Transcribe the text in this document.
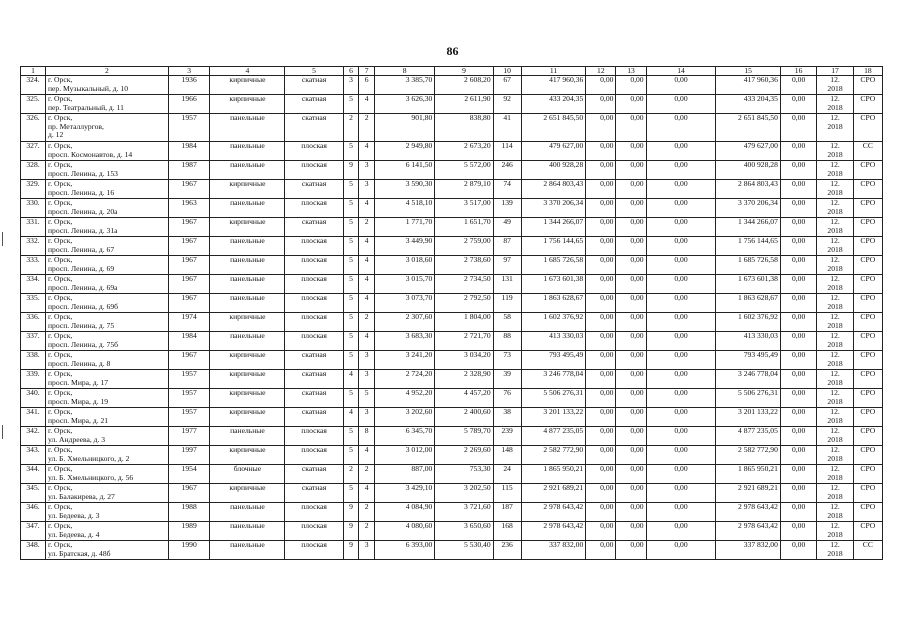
86
1	2	3	4	5	6	7	8	9	10	11	12	13	14	15	16	17	18
324.	г. Орск,
пер. Музыкальный, д. 10	1936	кирпичные	скатная	3	6	3 385,70	2 608,20	67	417 960,36	0,00	0,00	0,00	417 960,36	0,00	12.
2018	СРО
325.	г. Орск,
пер. Театральный, д. 11	1966	кирпичные	скатная	5	4	3 626,30	2 611,90	92	433 204,35	0,00	0,00	0,00	433 204,35	0,00	12.
2018	СРО
326.	г. Орск,
пр. Металлургов,
д. 12	1957	панельные	скатная	2	2	901,80	838,80	41	2 651 845,50	0,00	0,00	0,00	2 651 845,50	0,00	12.
2018	СРО
327.	г. Орск,
просп. Космонавтов, д. 14	1984	панельные	плоская	5	4	2 949,80	2 673,20	114	479 627,00	0,00	0,00	0,00	479 627,00	0,00	12.
2018	СС
328.	г. Орск,
просп. Ленина, д. 153	1987	панельные	плоская	9	3	6 141,50	5 572,00	246	400 928,28	0,00	0,00	0,00	400 928,28	0,00	12.
2018	СРО
329.	г. Орск,
просп. Ленина, д. 16	1967	кирпичные	скатная	5	3	3 590,30	2 879,10	74	2 864 803,43	0,00	0,00	0,00	2 864 803,43	0,00	12.
2018	СРО
330.	г. Орск,
просп. Ленина, д. 20а	1963	панельные	плоская	5	4	4 518,10	3 517,00	139	3 370 206,34	0,00	0,00	0,00	3 370 206,34	0,00	12.
2018	СРО
331.	г. Орск,
просп. Ленина, д. 31а	1967	кирпичные	скатная	5	2	1 771,70	1 651,70	49	1 344 266,07	0,00	0,00	0,00	1 344 266,07	0,00	12.
2018	СРО
332.	г. Орск,
просп. Ленина, д. 67	1967	панельные	плоская	5	4	3 449,90	2 759,00	87	1 756 144,65	0,00	0,00	0,00	1 756 144,65	0,00	12.
2018	СРО
333.	г. Орск,
просп. Ленина, д. 69	1967	панельные	плоская	5	4	3 018,60	2 738,60	97	1 685 726,58	0,00	0,00	0,00	1 685 726,58	0,00	12.
2018	СРО
334.	г. Орск,
просп. Ленина, д. 69а	1967	панельные	плоская	5	4	3 015,70	2 734,50	131	1 673 601,38	0,00	0,00	0,00	1 673 601,38	0,00	12.
2018	СРО
335.	г. Орск,
просп. Ленина, д. 69б	1967	панельные	плоская	5	4	3 073,70	2 792,50	119	1 863 628,67	0,00	0,00	0,00	1 863 628,67	0,00	12.
2018	СРО
336.	г. Орск,
просп. Ленина, д. 75	1974	кирпичные	плоская	5	2	2 307,60	1 804,00	58	1 602 376,92	0,00	0,00	0,00	1 602 376,92	0,00	12.
2018	СРО
337.	г. Орск,
просп. Ленина, д. 75б	1984	панельные	плоская	5	4	3 683,30	2 721,70	88	413 330,03	0,00	0,00	0,00	413 330,03	0,00	12.
2018	СРО
338.	г. Орск,
просп. Ленина, д. 8	1967	кирпичные	скатная	5	3	3 241,20	3 034,20	73	793 495,49	0,00	0,00	0,00	793 495,49	0,00	12.
2018	СРО
339.	г. Орск,
просп. Мира, д. 17	1957	кирпичные	скатная	4	3	2 724,20	2 328,90	39	3 246 778,04	0,00	0,00	0,00	3 246 778,04	0,00	12.
2018	СРО
340.	г. Орск,
просп. Мира, д. 19	1957	кирпичные	скатная	5	5	4 952,20	4 457,20	76	5 506 276,31	0,00	0,00	0,00	5 506 276,31	0,00	12.
2018	СРО
341.	г. Орск,
просп. Мира, д. 21	1957	кирпичные	скатная	4	3	3 202,60	2 400,60	38	3 201 133,22	0,00	0,00	0,00	3 201 133,22	0,00	12.
2018	СРО
342.	г. Орск,
ул. Андреева, д. 3	1977	панельные	плоская	5	8	6 345,70	5 789,70	239	4 877 235,05	0,00	0,00	0,00	4 877 235,05	0,00	12.
2018	СРО
343.	г. Орск,
ул. Б. Хмельницкого, д. 2	1997	кирпичные	плоская	5	4	3 012,00	2 269,60	148	2 582 772,90	0,00	0,00	0,00	2 582 772,90	0,00	12.
2018	СРО
344.	г. Орск,
ул. Б. Хмельницкого, д. 56	1954	блочные	скатная	2	2	887,00	753,30	24	1 865 950,21	0,00	0,00	0,00	1 865 950,21	0,00	12.
2018	СРО
345.	г. Орск,
ул. Балакирева, д. 27	1967	кирпичные	скатная	5	4	3 429,10	3 202,50	115	2 921 689,21	0,00	0,00	0,00	2 921 689,21	0,00	12.
2018	СРО
346.	г. Орск,
ул. Бедеева, д. 3	1988	панельные	плоская	9	2	4 084,90	3 721,60	187	2 978 643,42	0,00	0,00	0,00	2 978 643,42	0,00	12.
2018	СРО
347.	г. Орск,
ул. Бедеева, д. 4	1989	панельные	плоская	9	2	4 080,60	3 650,60	168	2 978 643,42	0,00	0,00	0,00	2 978 643,42	0,00	12.
2018	СРО
348.	г. Орск,
ул. Братская, д. 48б	1990	панельные	плоская	9	3	6 393,00	5 530,40	236	337 832,00	0,00	0,00	0,00	337 832,00	0,00	12.
2018	СС
